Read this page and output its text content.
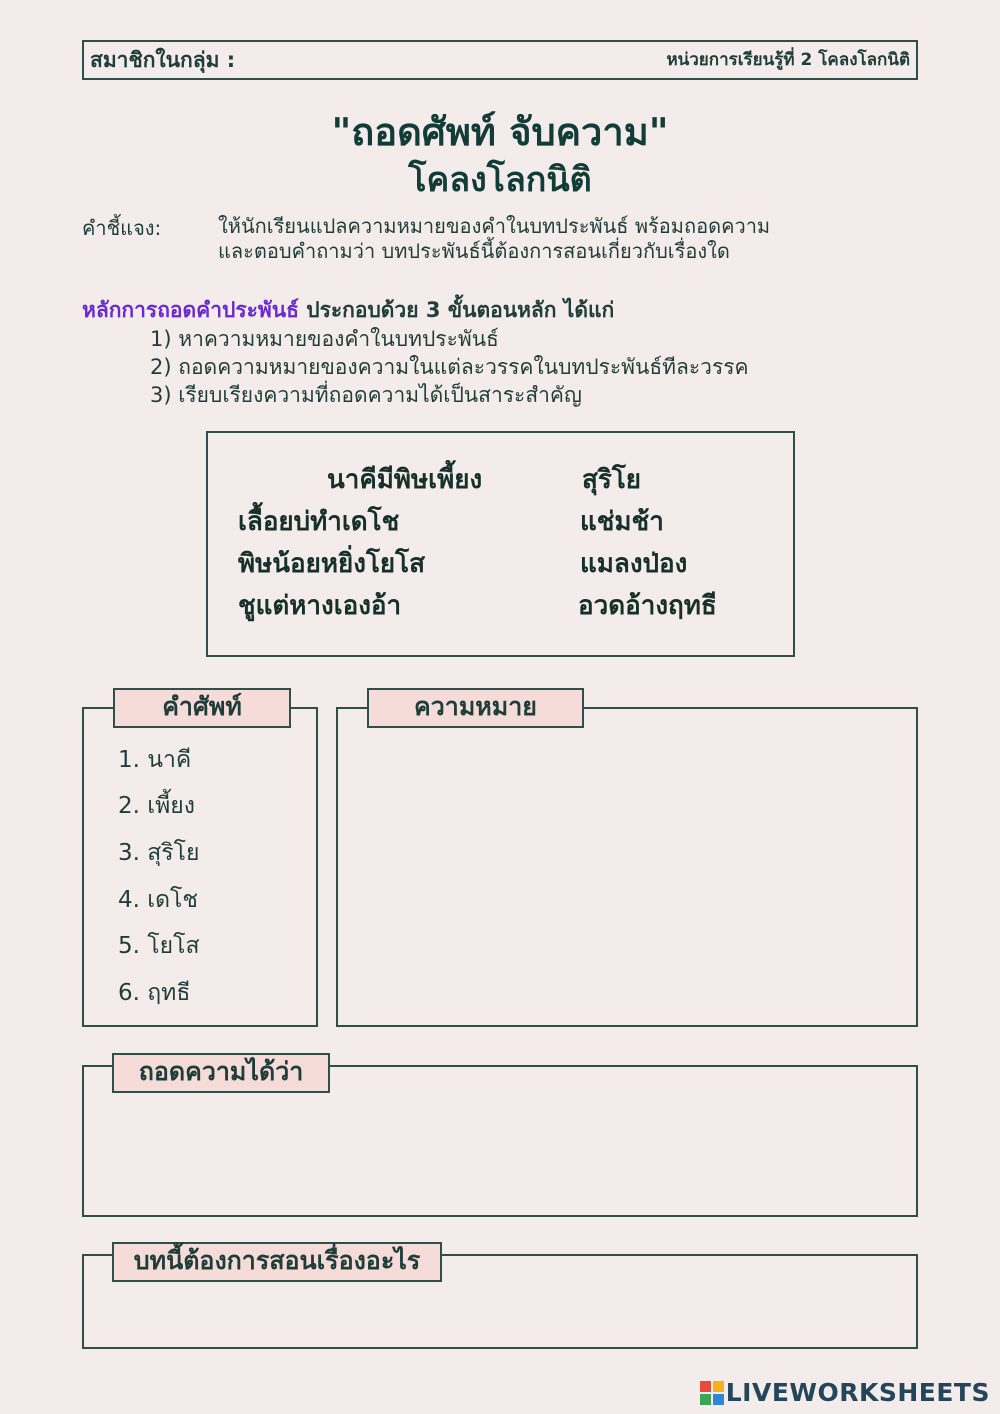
สมาชิกในกลุ่ม :	หน่วยการเรียนรู้ที่ 2 โคลงโลกนิติ
"ถอดศัพท์ จับความ"
โคลงโลกนิติ
คำชี้แจง:	ให้นักเรียนแปลความหมายของคำในบทประพันธ์ พร้อมถอดความ
และตอบคำถามว่า บทประพันธ์นี้ต้องการสอนเกี่ยวกับเรื่องใด
หลักการถอดคำประพันธ์ ประกอบด้วย 3 ขั้นตอนหลัก ได้แก่
1) หาความหมายของคำในบทประพันธ์
2) ถอดความหมายของความในแต่ละวรรคในบทประพันธ์ทีละวรรค
3) เรียบเรียงความที่ถอดความได้เป็นสาระสำคัญ
นาคีมีพิษเพี้ยง	สุริโย
เลื้อยบ่ทำเดโช	แช่มช้า
พิษน้อยหยิ่งโยโส	แมลงป่อง
ชูแต่หางเองอ้า	อวดอ้างฤทธี
คำศัพท์
1. นาคี
2. เพี้ยง
3. สุริโย
4. เดโช
5. โยโส
6. ฤทธี
ความหมาย
ถอดความได้ว่า
บทนี้ต้องการสอนเรื่องอะไร
LIVEWORKSHEETS
